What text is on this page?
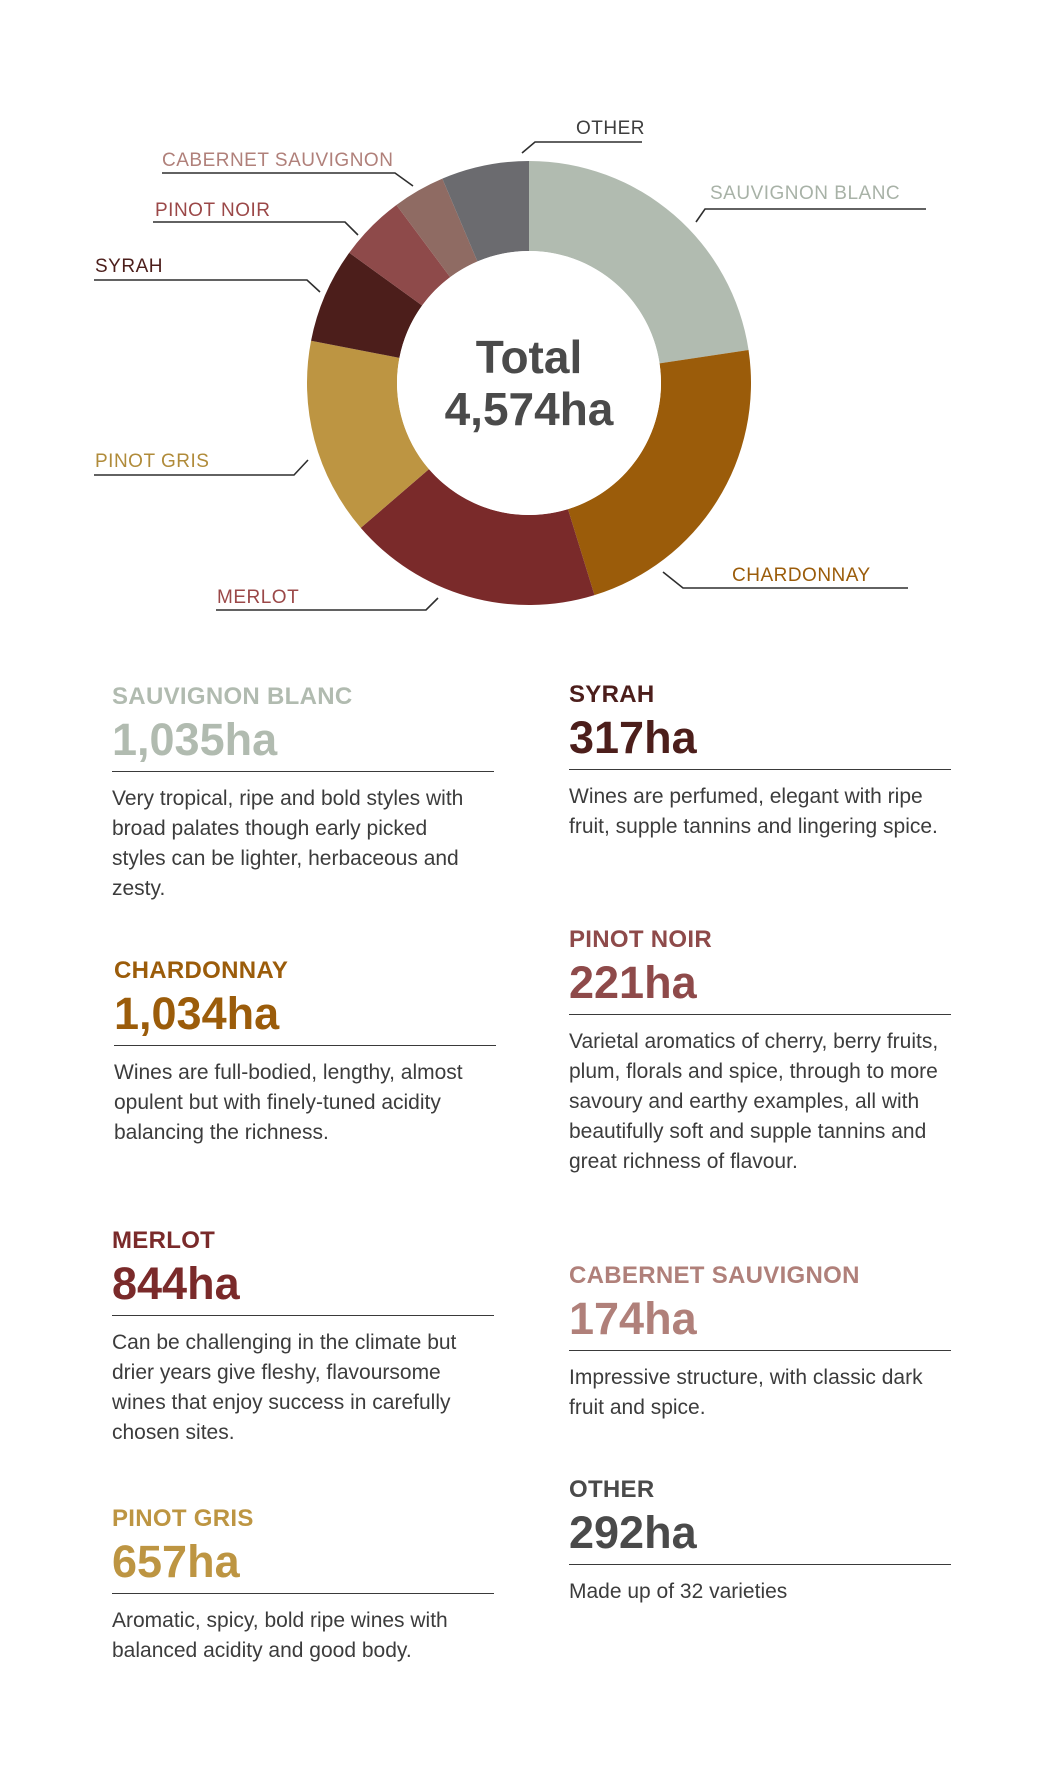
Total
4,574ha
SAUVIGNON BLANC
CHARDONNAY
MERLOT
PINOT GRIS
SYRAH
PINOT NOIR
CABERNET SAUVIGNON
OTHER

SAUVIGNON BLANC

1,035ha

Very tropical, ripe and bold styles with broad palates though early picked styles can be lighter, herbaceous and zesty.

CHARDONNAY

1,034ha

Wines are full-bodied, lengthy, almost opulent but with finely-tuned acidity balancing the richness.

MERLOT

844ha

Can be challenging in the climate but drier years give fleshy, flavoursome wines that enjoy success in carefully chosen sites.

PINOT GRIS

657ha

Aromatic, spicy, bold ripe wines with balanced acidity and good body.

SYRAH

317ha

Wines are perfumed, elegant with ripe fruit, supple tannins and lingering spice.

PINOT NOIR

221ha

Varietal aromatics of cherry, berry fruits, plum, florals and spice, through to more savoury and earthy examples, all with beautifully soft and supple tannins and great richness of flavour.

CABERNET SAUVIGNON

174ha

Impressive structure, with classic dark fruit and spice.

OTHER

292ha

Made up of 32 varieties
